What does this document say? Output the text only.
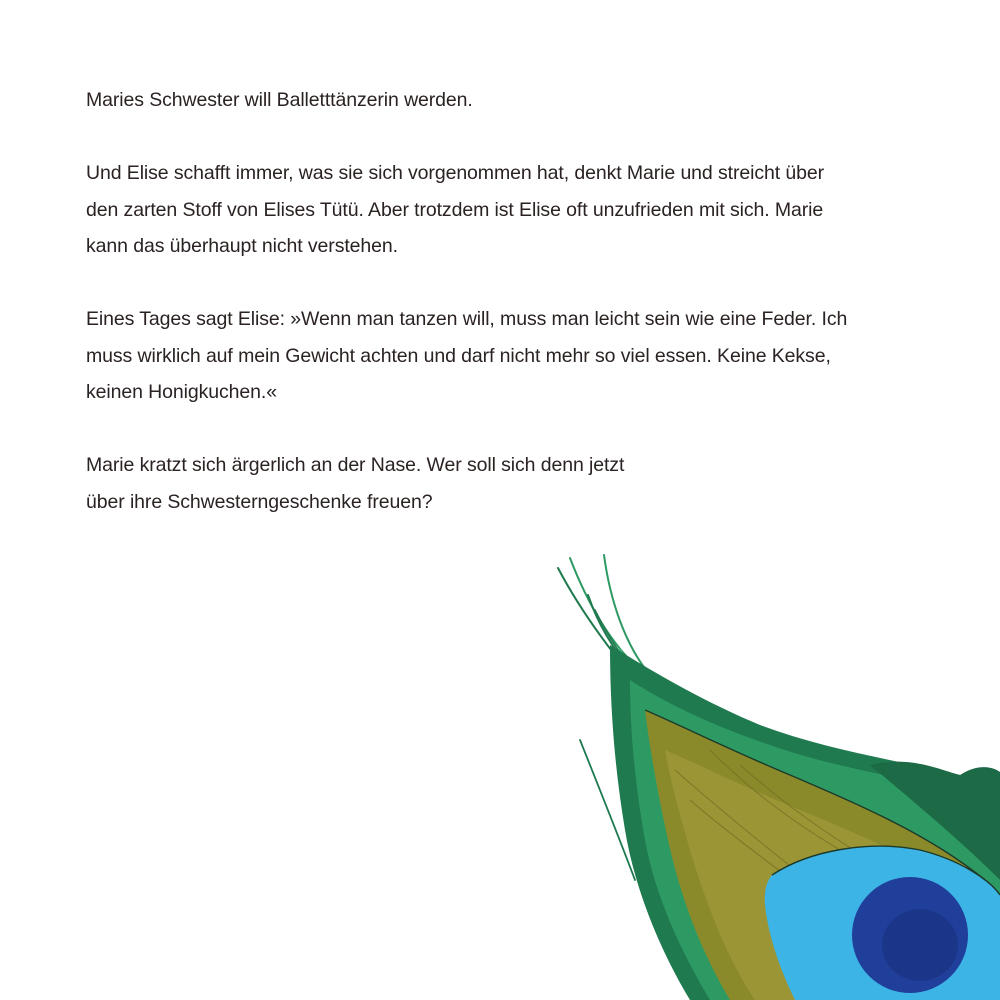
Maries Schwester will Balletttänzerin werden.

Und Elise schafft immer, was sie sich vorgenommen hat, denkt Marie und streicht über
den zarten Stoff von Elises Tütü. Aber trotzdem ist Elise oft unzufrieden mit sich. Marie
kann das überhaupt nicht verstehen.

Eines Tages sagt Elise: »Wenn man tanzen will, muss man leicht sein wie eine Feder. Ich
muss wirklich auf mein Gewicht achten und darf nicht mehr so viel essen. Keine Kekse,
keinen Honigkuchen.«

Marie kratzt sich ärgerlich an der Nase. Wer soll sich denn jetzt
über ihre Schwesterngeschenke freuen?
